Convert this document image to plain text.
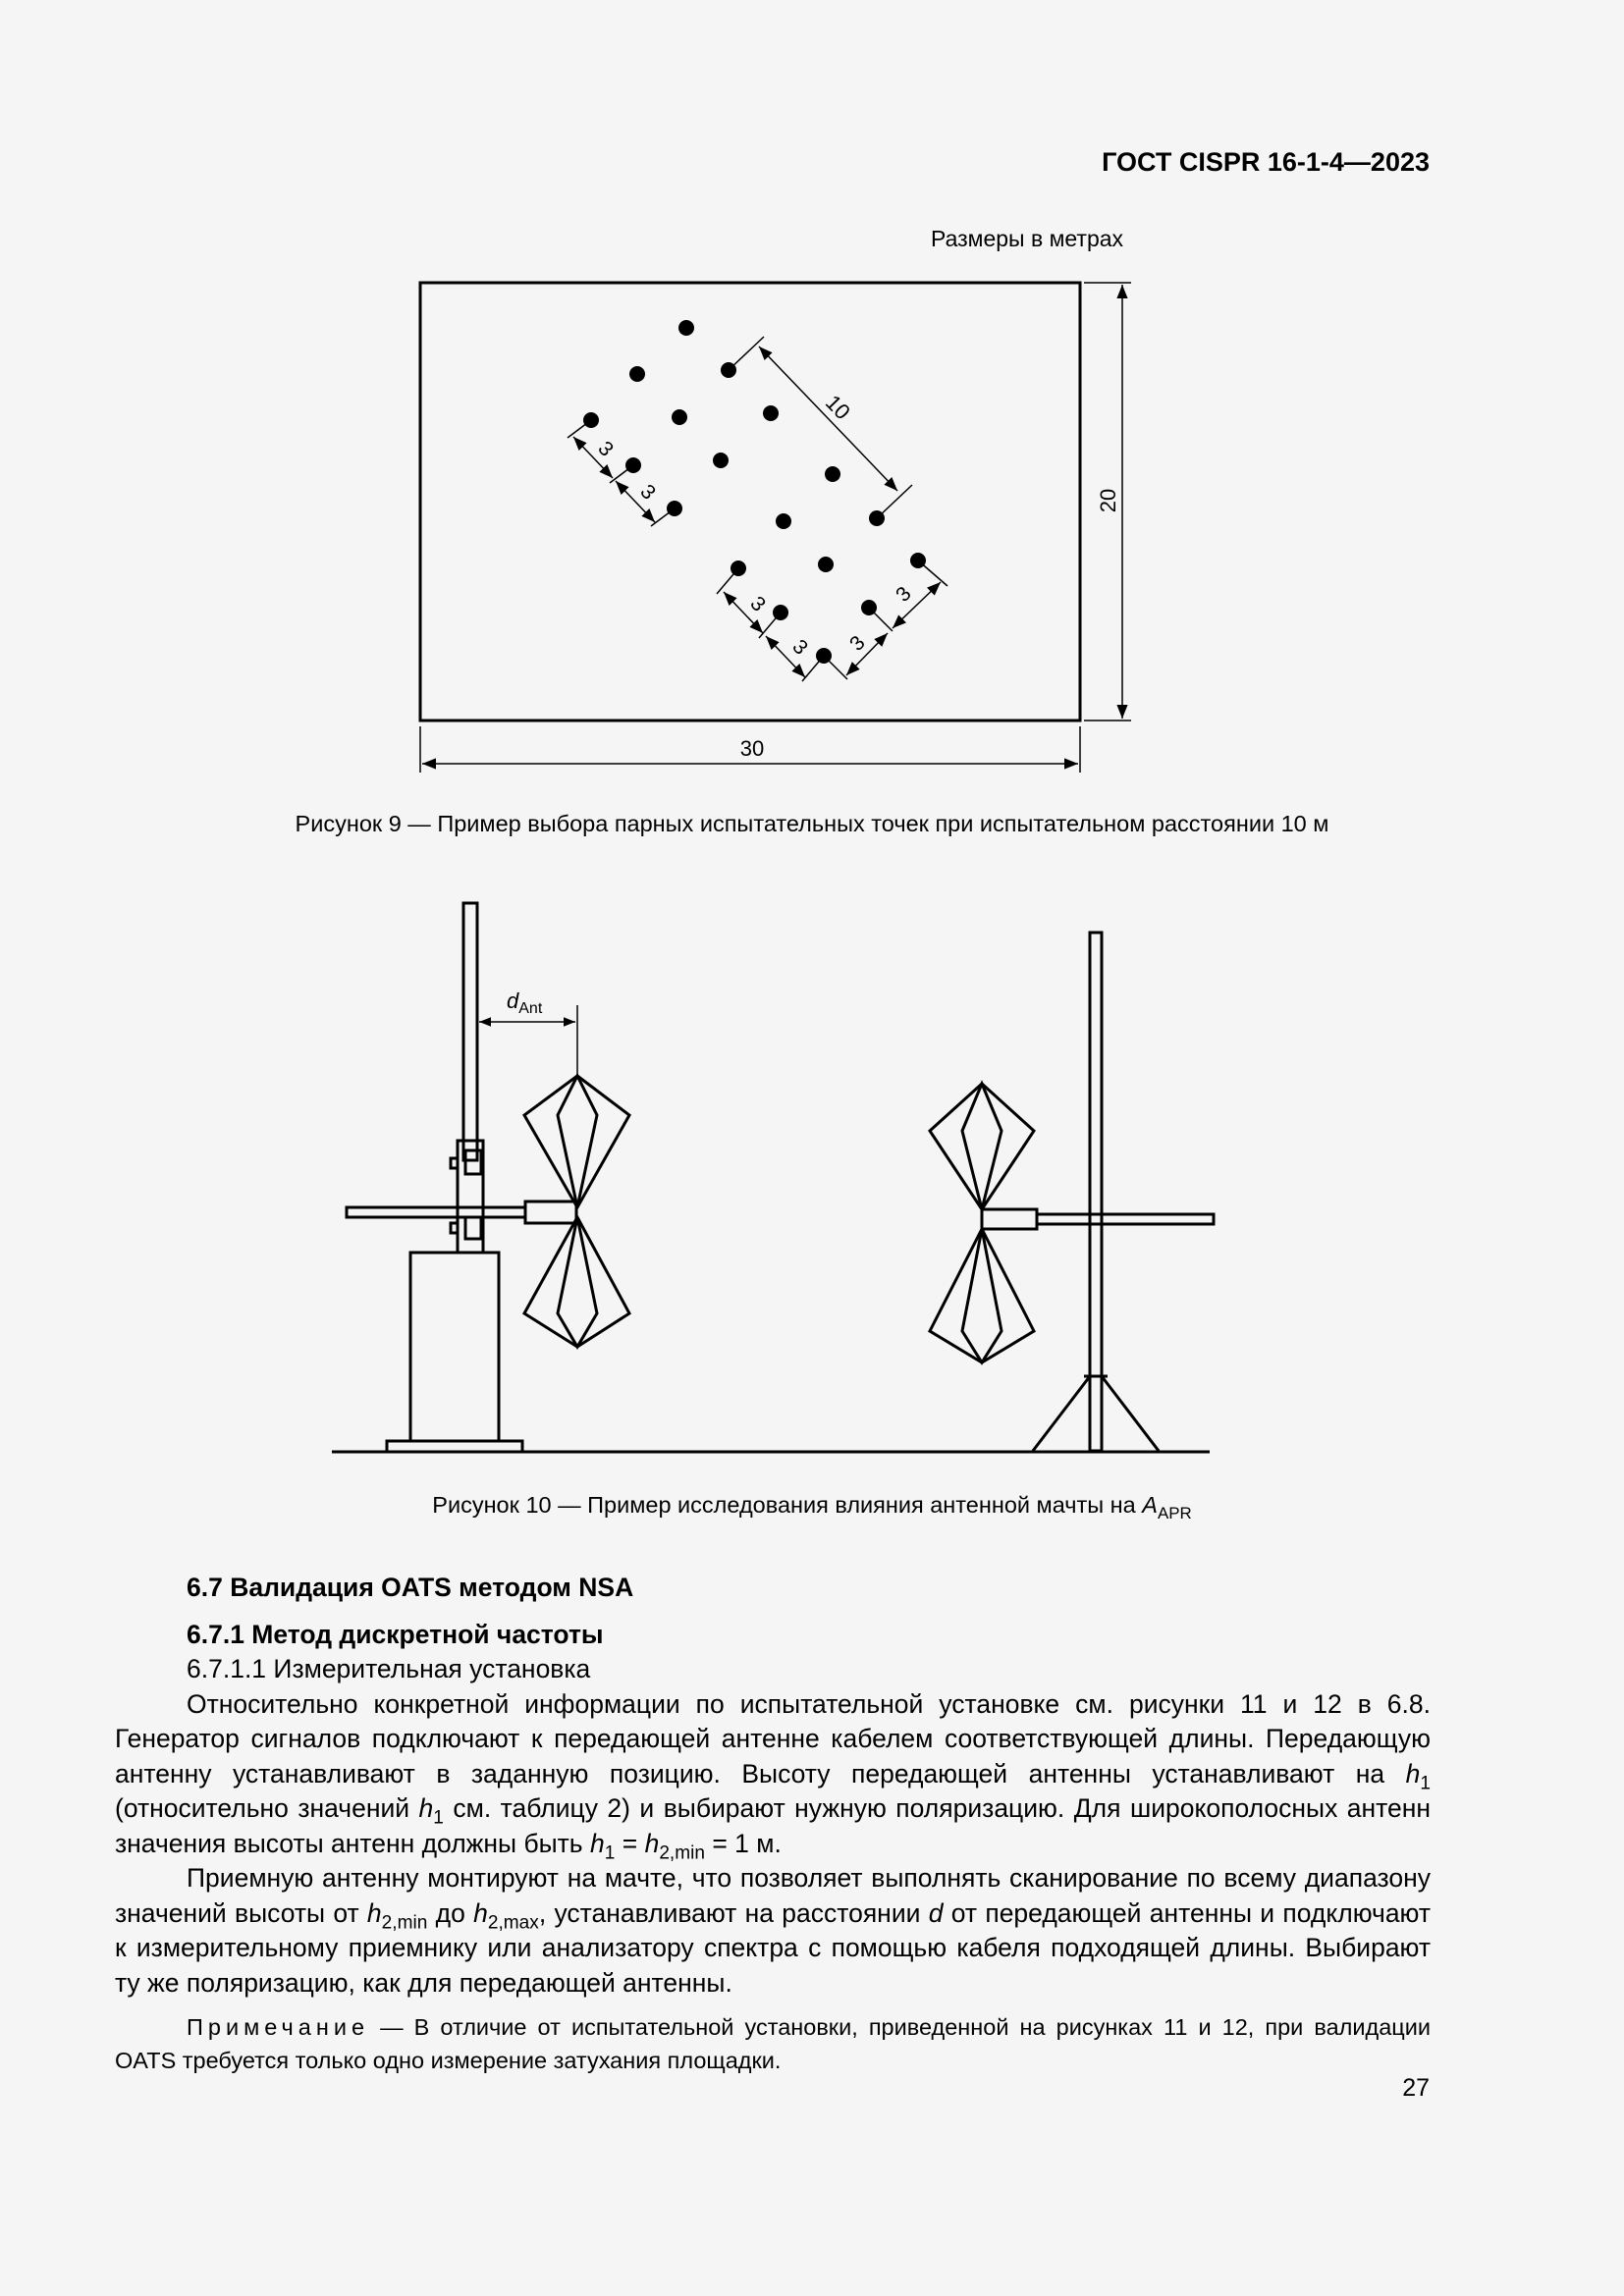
ГОСТ CISPR 16-1-4—2023
Размеры в метрах
30
20
10
3
3
3
3 3
3
Рисунок 9 — Пример выбора парных испытательных точек при испытательном расстоянии 10 м
$d_{Ant}$
Рисунок 10 — Пример исследования влияния антенной мачты на $A_{APR}$
6.7 Валидация OATS методом NSA
6.7.1 Метод дискретной частоты
6.7.1.1 Измерительная установка

Относительно конкретной информации по испытательной установке см. рисунки 11 и 12 в 6.8. Генератор сигналов подключают к передающей антенне кабелем соответствующей длины. Передающую антенну устанавливают в заданную позицию. Высоту передающей антенны устанавливают на $h_1$ (относительно значений $h_1$ см. таблицу 2) и выбирают нужную поляризацию. Для широкополосных антенн значения высоты антенн должны быть $h_1 = h_{2,min} = 1$ м.

Приемную антенну монтируют на мачте, что позволяет выполнять сканирование по всему диапазону значений высоты от $h_{2,min}$ до $h_{2,max}$, устанавливают на расстоянии d от передающей антенны и подключают к измерительному приемнику или анализатору спектра с помощью кабеля подходящей длины. Выбирают ту же поляризацию, как для передающей антенны.

Примечание — В отличие от испытательной установки, приведенной на рисунках 11 и 12, при валидации OATS требуется только одно измерение затухания площадки.

27
